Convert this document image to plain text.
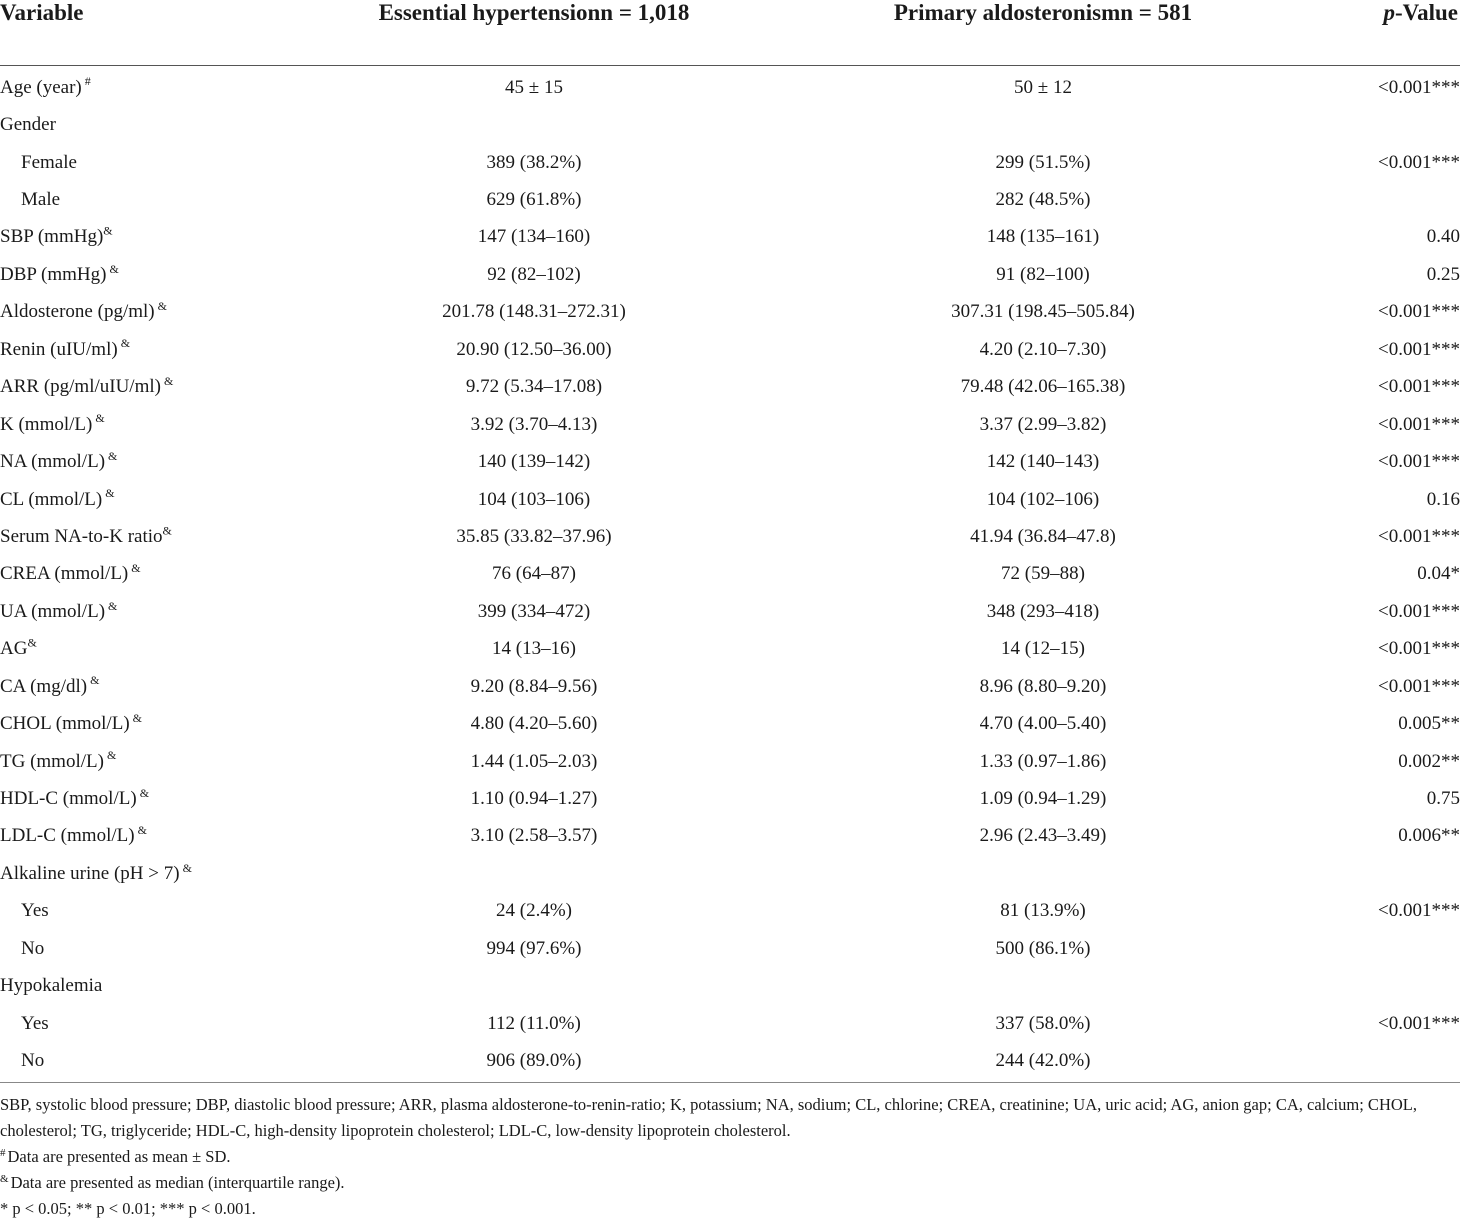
Variable	Essential hypertensionn = 1,018	Primary aldosteronismn = 581	p-Value

Age (year) #	45 ± 15	50 ± 12	<0.001***
Gender			
Female	389 (38.2%)	299 (51.5%)	<0.001***
Male	629 (61.8%)	282 (48.5%)	
SBP (mmHg)&	147 (134–160)	148 (135–161)	0.40
DBP (mmHg) &	92 (82–102)	91 (82–100)	0.25
Aldosterone (pg/ml) &	201.78 (148.31–272.31)	307.31 (198.45–505.84)	<0.001***
Renin (uIU/ml) &	20.90 (12.50–36.00)	4.20 (2.10–7.30)	<0.001***
ARR (pg/ml/uIU/ml) &	9.72 (5.34–17.08)	79.48 (42.06–165.38)	<0.001***
K (mmol/L) &	3.92 (3.70–4.13)	3.37 (2.99–3.82)	<0.001***
NA (mmol/L) &	140 (139–142)	142 (140–143)	<0.001***
CL (mmol/L) &	104 (103–106)	104 (102–106)	0.16
Serum NA-to-K ratio&	35.85 (33.82–37.96)	41.94 (36.84–47.8)	<0.001***
CREA (mmol/L) &	76 (64–87)	72 (59–88)	0.04*
UA (mmol/L) &	399 (334–472)	348 (293–418)	<0.001***
AG&	14 (13–16)	14 (12–15)	<0.001***
CA (mg/dl) &	9.20 (8.84–9.56)	8.96 (8.80–9.20)	<0.001***
CHOL (mmol/L) &	4.80 (4.20–5.60)	4.70 (4.00–5.40)	0.005**
TG (mmol/L) &	1.44 (1.05–2.03)	1.33 (0.97–1.86)	0.002**
HDL-C (mmol/L) &	1.10 (0.94–1.27)	1.09 (0.94–1.29)	0.75
LDL-C (mmol/L) &	3.10 (2.58–3.57)	2.96 (2.43–3.49)	0.006**
Alkaline urine (pH > 7) &			
Yes	24 (2.4%)	81 (13.9%)	<0.001***
No	994 (97.6%)	500 (86.1%)	
Hypokalemia			
Yes	112 (11.0%)	337 (58.0%)	<0.001***
No	906 (89.0%)	244 (42.0%)	
SBP, systolic blood pressure; DBP, diastolic blood pressure; ARR, plasma aldosterone-to-renin-ratio; K, potassium; NA, sodium; CL, chlorine; CREA, creatinine; UA, uric acid; AG, anion gap; CA, calcium; CHOL, cholesterol; TG, triglyceride; HDL-C, high-density lipoprotein cholesterol; LDL-C, low-density lipoprotein cholesterol.
# Data are presented as mean ± SD.
& Data are presented as median (interquartile range).
* p < 0.05; ** p < 0.01; *** p < 0.001.
